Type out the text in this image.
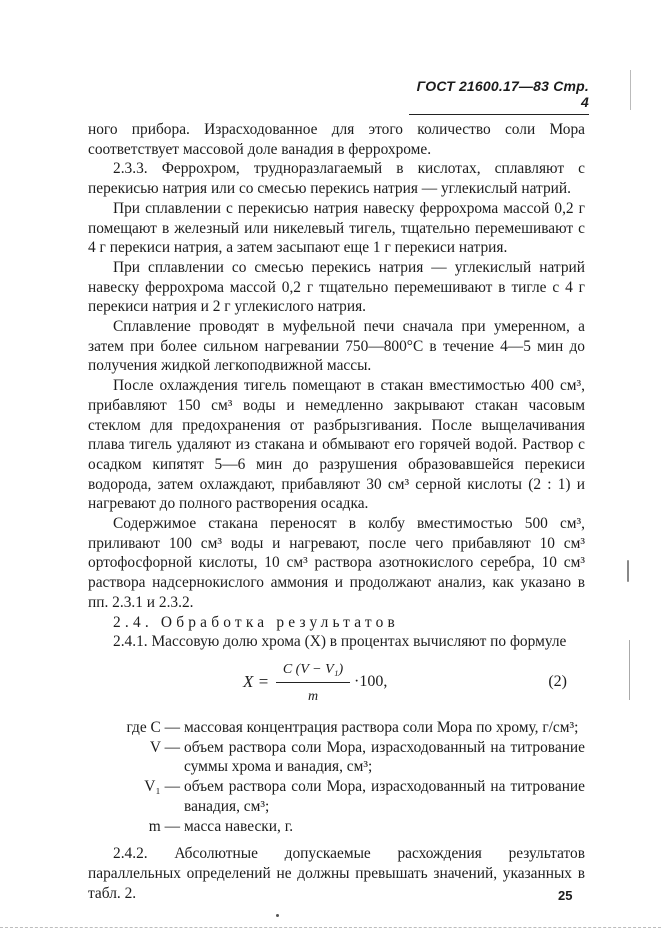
ГОСТ 21600.17—83 Стр. 4

ного прибора. Израсходованное для этого количество соли Мора соответствует массовой доле ванадия в феррохроме.

2.3.3. Феррохром, трудноразлагаемый в кислотах, сплавляют с перекисью натрия или со смесью перекись натрия — углекислый натрий.

При сплавлении с перекисью натрия навеску феррохрома массой 0,2 г помещают в железный или никелевый тигель, тщательно перемешивают с 4 г перекиси натрия, а затем засыпают еще 1 г перекиси натрия.

При сплавлении со смесью перекись натрия — углекислый натрий навеску феррохрома массой 0,2 г тщательно перемешивают в тигле с 4 г перекиси натрия и 2 г углекислого натрия.

Сплавление проводят в муфельной печи сначала при умеренном, а затем при более сильном нагревании 750—800°С в течение 4—5 мин до получения жидкой легкоподвижной массы.

После охлаждения тигель помещают в стакан вместимостью 400 см³, прибавляют 150 см³ воды и немедленно закрывают стакан часовым стеклом для предохранения от разбрызгивания. После выщелачивания плава тигель удаляют из стакана и обмывают его горячей водой. Раствор с осадком кипятят 5—6 мин до разрушения образовавшейся перекиси водорода, затем охлаждают, прибавляют 30 см³ серной кислоты (2 : 1) и нагревают до полного растворения осадка.

Содержимое стакана переносят в колбу вместимостью 500 см³, приливают 100 см³ воды и нагревают, после чего прибавляют 10 см³ ортофосфорной кислоты, 10 см³ раствора азотнокислого серебра, 10 см³ раствора надсернокислого аммония и продолжают анализ, как указано в пп. 2.3.1 и 2.3.2.

2.4. Обработка результатов

2.4.1. Массовую долю хрома (X) в процентах вычисляют по формуле

$X = \frac{\text{C (V − V₁)}}{m} \cdot 100$,	(2)
где C — массовая концентрация раствора соли Мора по хрому, г/см³;
V — объем раствора соли Мора, израсходованный на титрование суммы хрома и ванадия, см³;
V₁ — объем раствора соли Мора, израсходованный на титрование ванадия, см³;
m — масса навески, г.

2.4.2. Абсолютные допускаемые расхождения результатов параллельных определений не должны превышать значений, указанных в табл. 2.	25
